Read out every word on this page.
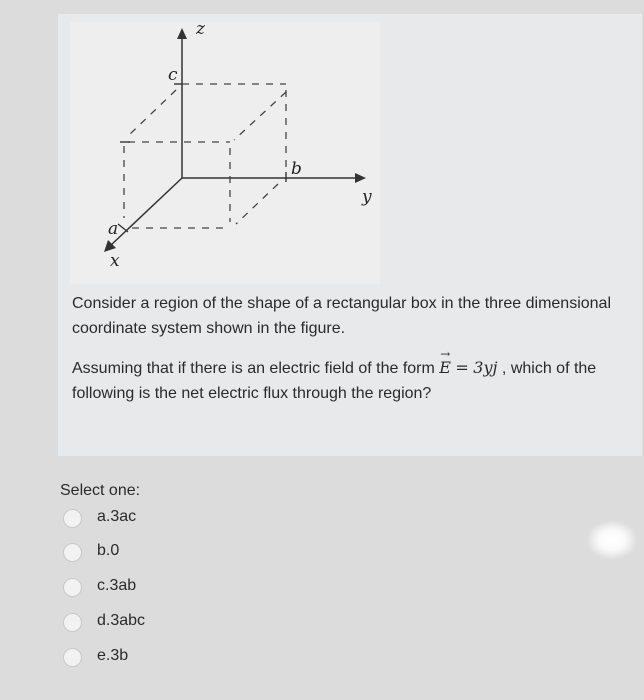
z
y
x
a
b
c

Consider a region of the shape of a rectangular box in the three dimensional coordinate system shown in the figure.

Assuming that if there is an electric field of the form → E = 3yj , which of the following is the net electric flux through the region?

Select one:
a.3ac
b.0
c.3ab
d.3abc
e.3b
